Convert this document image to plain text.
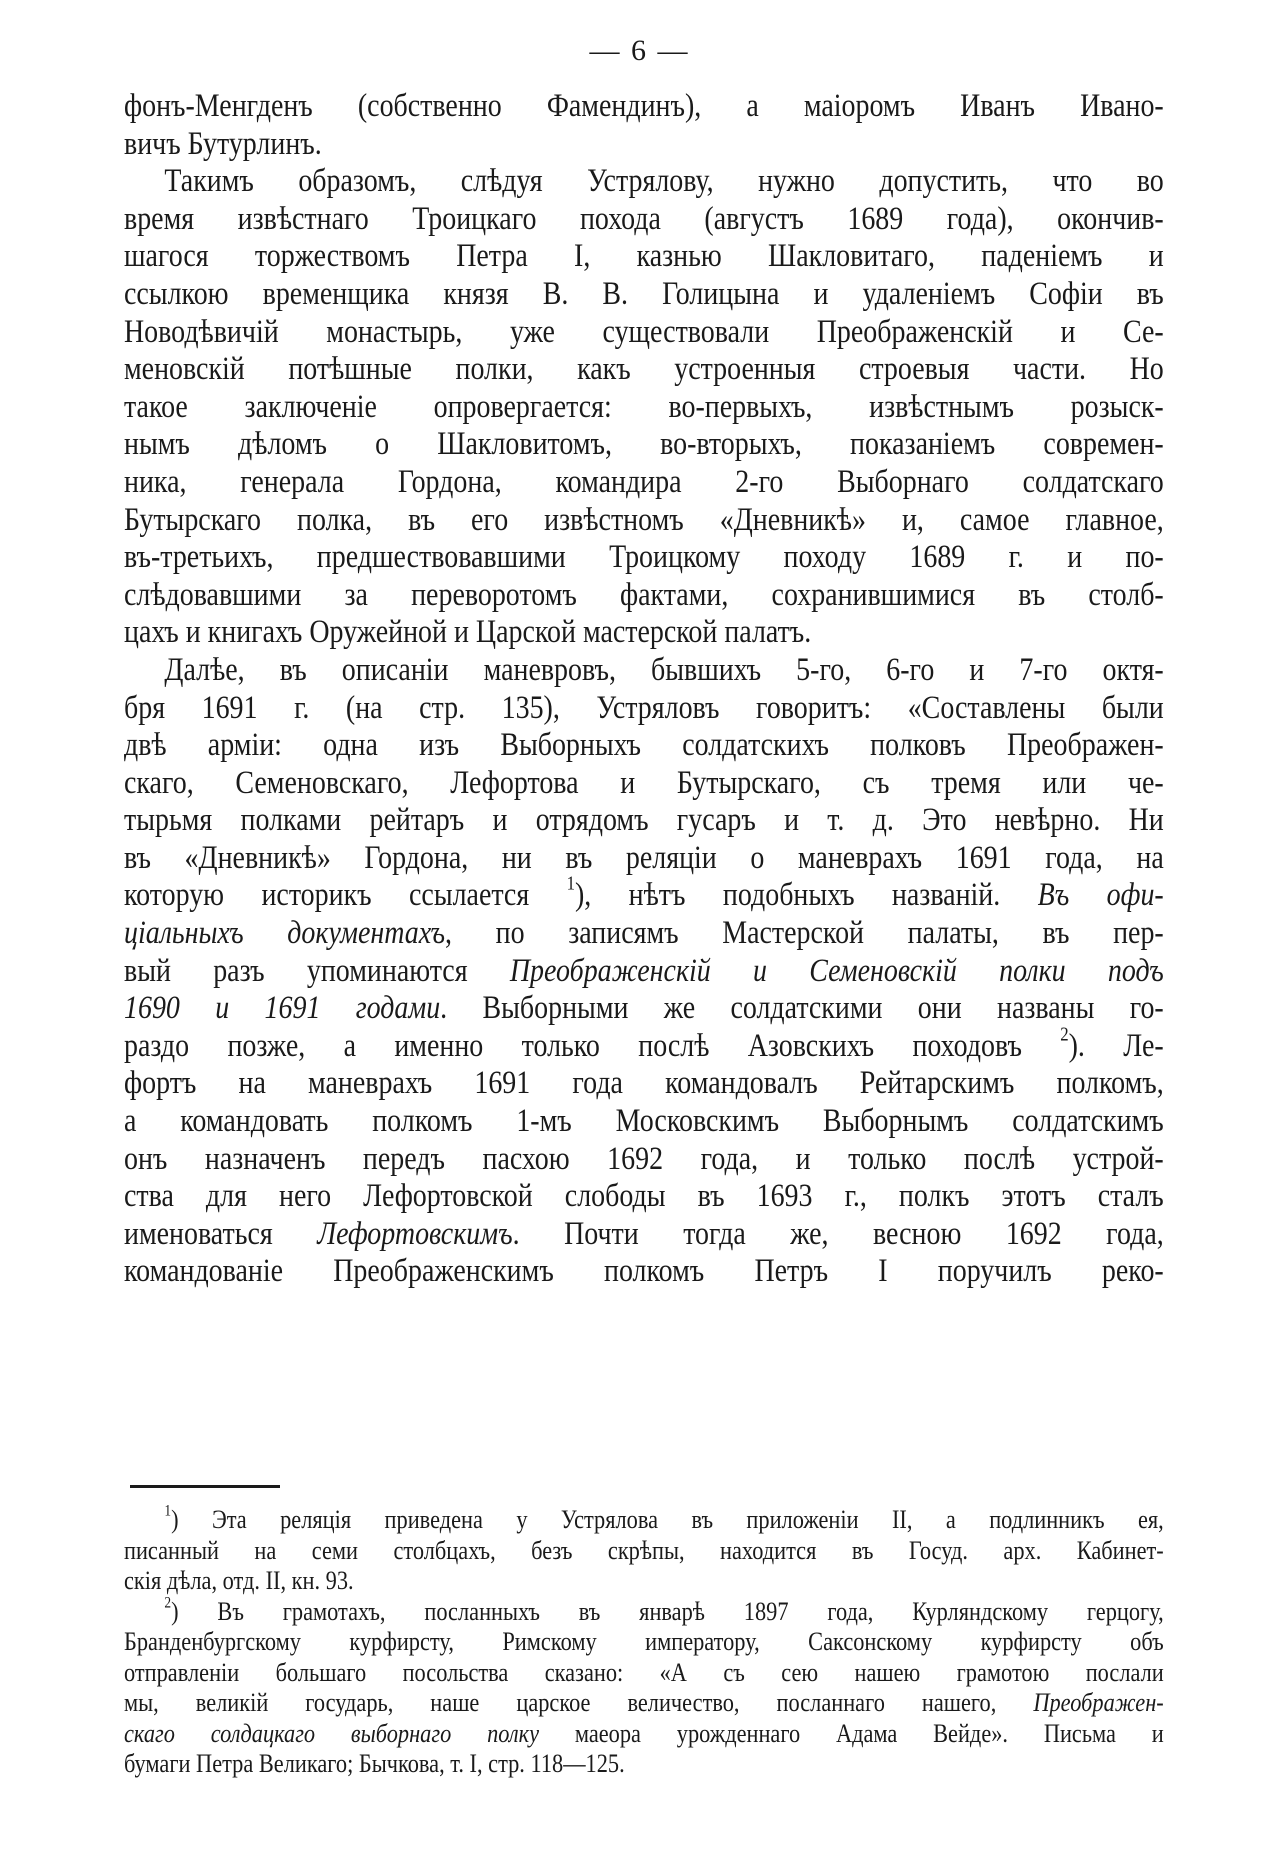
— 6 —
фонъ-Менгденъ (собственно Фамендинъ), а маіоромъ Иванъ Ивано-
вичъ Бутурлинъ.
Такимъ образомъ, слѣдуя Устрялову, нужно допустить, что во
время извѣстнаго Троицкаго похода (августъ 1689 года), окончив-
шагося торжествомъ Петра I, казнью Шакловитаго, паденіемъ и
ссылкою временщика князя В. В. Голицына и удаленіемъ Софіи въ
Новодѣвичій монастырь, уже существовали Преображенскій и Се-
меновскій потѣшные полки, какъ устроенныя строевыя части. Но
такое заключеніе опровергается: во-первыхъ, извѣстнымъ розыск-
нымъ дѣломъ о Шакловитомъ, во-вторыхъ, показаніемъ современ-
ника, генерала Гордона, командира 2-го Выборнаго солдатскаго
Бутырскаго полка, въ его извѣстномъ «Дневникѣ» и, самое главное,
въ-третьихъ, предшествовавшими Троицкому походу 1689 г. и по-
слѣдовавшими за переворотомъ фактами, сохранившимися въ столб-
цахъ и книгахъ Оружейной и Царской мастерской палатъ.
Далѣе, въ описаніи маневровъ, бывшихъ 5-го, 6-го и 7-го октя-
бря 1691 г. (на стр. 135), Устряловъ говоритъ: «Составлены были
двѣ арміи: одна изъ Выборныхъ солдатскихъ полковъ Преображен-
скаго, Семеновскаго, Лефортова и Бутырскаго, съ тремя или че-
тырьмя полками рейтаръ и отрядомъ гусаръ и т. д. Это невѣрно. Ни
въ «Дневникѣ» Гордона, ни въ реляціи о маневрахъ 1691 года, на
которую историкъ ссылается $^1$), нѣтъ подобныхъ названій. Въ офи-
ціальныхъ документахъ, по записямъ Мастерской палаты, въ пер-
вый разъ упоминаются Преображенскій и Семеновскій полки подъ
1690 и 1691 годами. Выборными же солдатскими они названы го-
раздо позже, а именно только послѣ Азовскихъ походовъ $^2$). Ле-
фортъ на маневрахъ 1691 года командовалъ Рейтарскимъ полкомъ,
а командовать полкомъ 1-мъ Московскимъ Выборнымъ солдатскимъ
онъ назначенъ передъ пасхою 1692 года, и только послѣ устрой-
ства для него Лефортовской слободы въ 1693 г., полкъ этотъ сталъ
именоваться Лефортовскимъ. Почти тогда же, весною 1692 года,
командованіе Преображенскимъ полкомъ Петръ I поручилъ реко-
$^1$) Эта реляція приведена у Устрялова въ приложеніи II, а подлинникъ ея,
писанный на семи столбцахъ, безъ скрѣпы, находится въ Госуд. арх. Кабинет-
скія дѣла, отд. II, кн. 93.
$^2$) Въ грамотахъ, посланныхъ въ январѣ 1897 года, Курляндскому герцогу,
Бранденбургскому курфирсту, Римскому императору, Саксонскому курфирсту объ
отправленіи большаго посольства сказано: «А съ сею нашею грамотою послали
мы, великій государь, наше царское величество, посланнаго нашего, Преображен-
скаго солдацкаго выборнаго полку маеора урожденнаго Адама Вейде». Письма и
бумаги Петра Великаго; Бычкова, т. I, стр. 118—125.
